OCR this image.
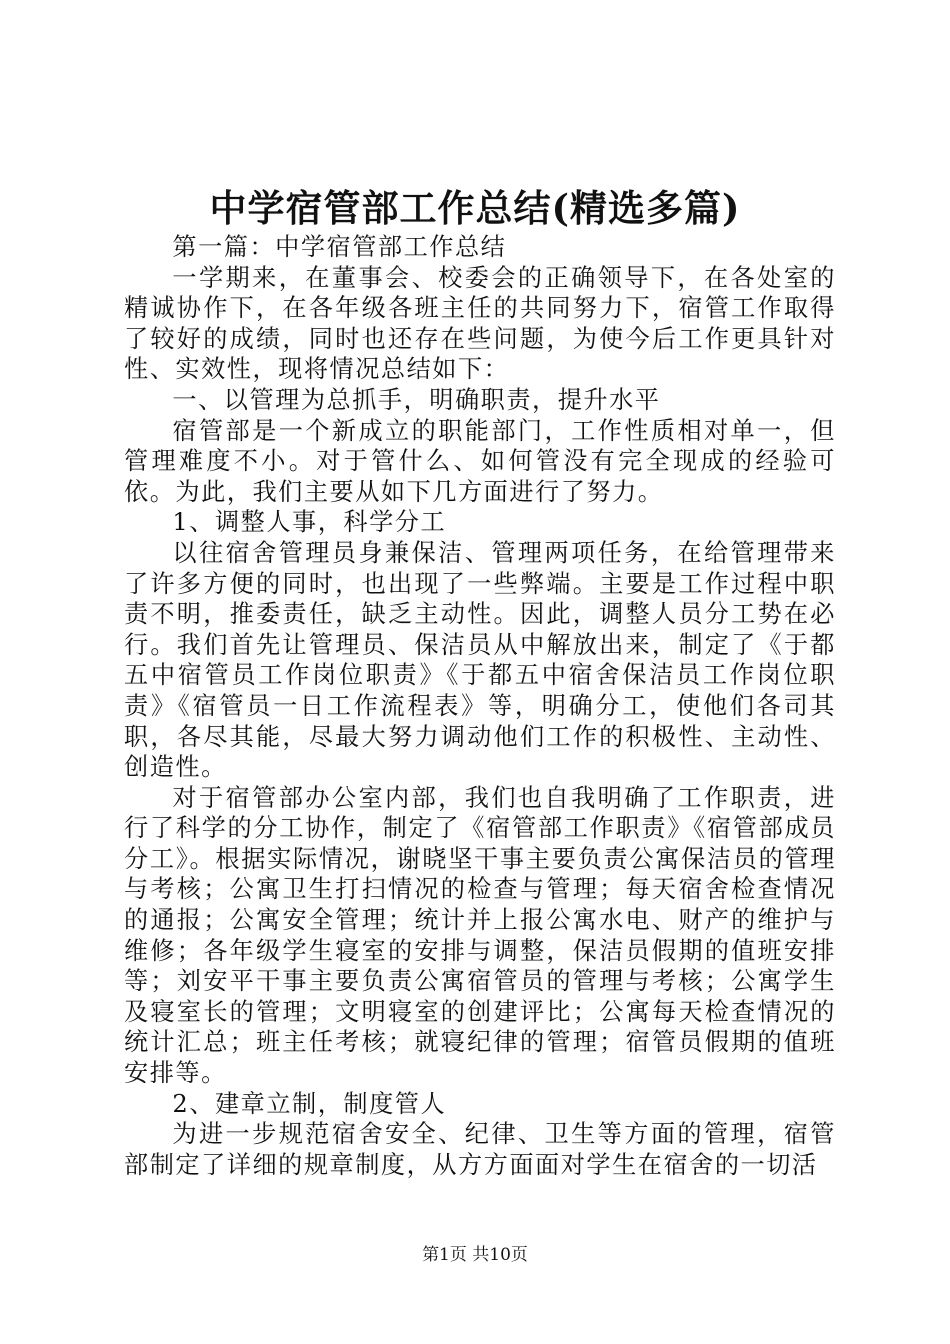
中学宿管部工作总结(精选多篇)

第一篇：中学宿管部工作总结

一学期来，在董事会、校委会的正确领导下，在各处室的精诚协作下，在各年级各班主任的共同努力下，宿管工作取得了较好的成绩，同时也还存在些问题，为使今后工作更具针对性、实效性，现将情况总结如下：

一、以管理为总抓手，明确职责，提升水平

宿管部是一个新成立的职能部门，工作性质相对单一，但管理难度不小。对于管什么、如何管没有完全现成的经验可依。为此，我们主要从如下几方面进行了努力。

1、调整人事，科学分工

以往宿舍管理员身兼保洁、管理两项任务，在给管理带来了许多方便的同时，也出现了一些弊端。主要是工作过程中职责不明，推委责任，缺乏主动性。因此，调整人员分工势在必行。我们首先让管理员、保洁员从中解放出来，制定了《于都五中宿管员工作岗位职责》《于都五中宿舍保洁员工作岗位职责》《宿管员一日工作流程表》等，明确分工，使他们各司其职，各尽其能，尽最大努力调动他们工作的积极性、主动性、创造性。

对于宿管部办公室内部，我们也自我明确了工作职责，进行了科学的分工协作，制定了《宿管部工作职责》《宿管部成员分工》。根据实际情况，谢晓坚干事主要负责公寓保洁员的管理与考核；公寓卫生打扫情况的检查与管理；每天宿舍检查情况的通报；公寓安全管理；统计并上报公寓水电、财产的维护与维修；各年级学生寝室的安排与调整，保洁员假期的值班安排等；刘安平干事主要负责公寓宿管员的管理与考核；公寓学生及寝室长的管理；文明寝室的创建评比；公寓每天检查情况的统计汇总；班主任考核；就寝纪律的管理；宿管员假期的值班安排等。

2、建章立制，制度管人

为进一步规范宿舍安全、纪律、卫生等方面的管理，宿管部制定了详细的规章制度，从方方面面对学生在宿舍的一切活

第1页 共10页
